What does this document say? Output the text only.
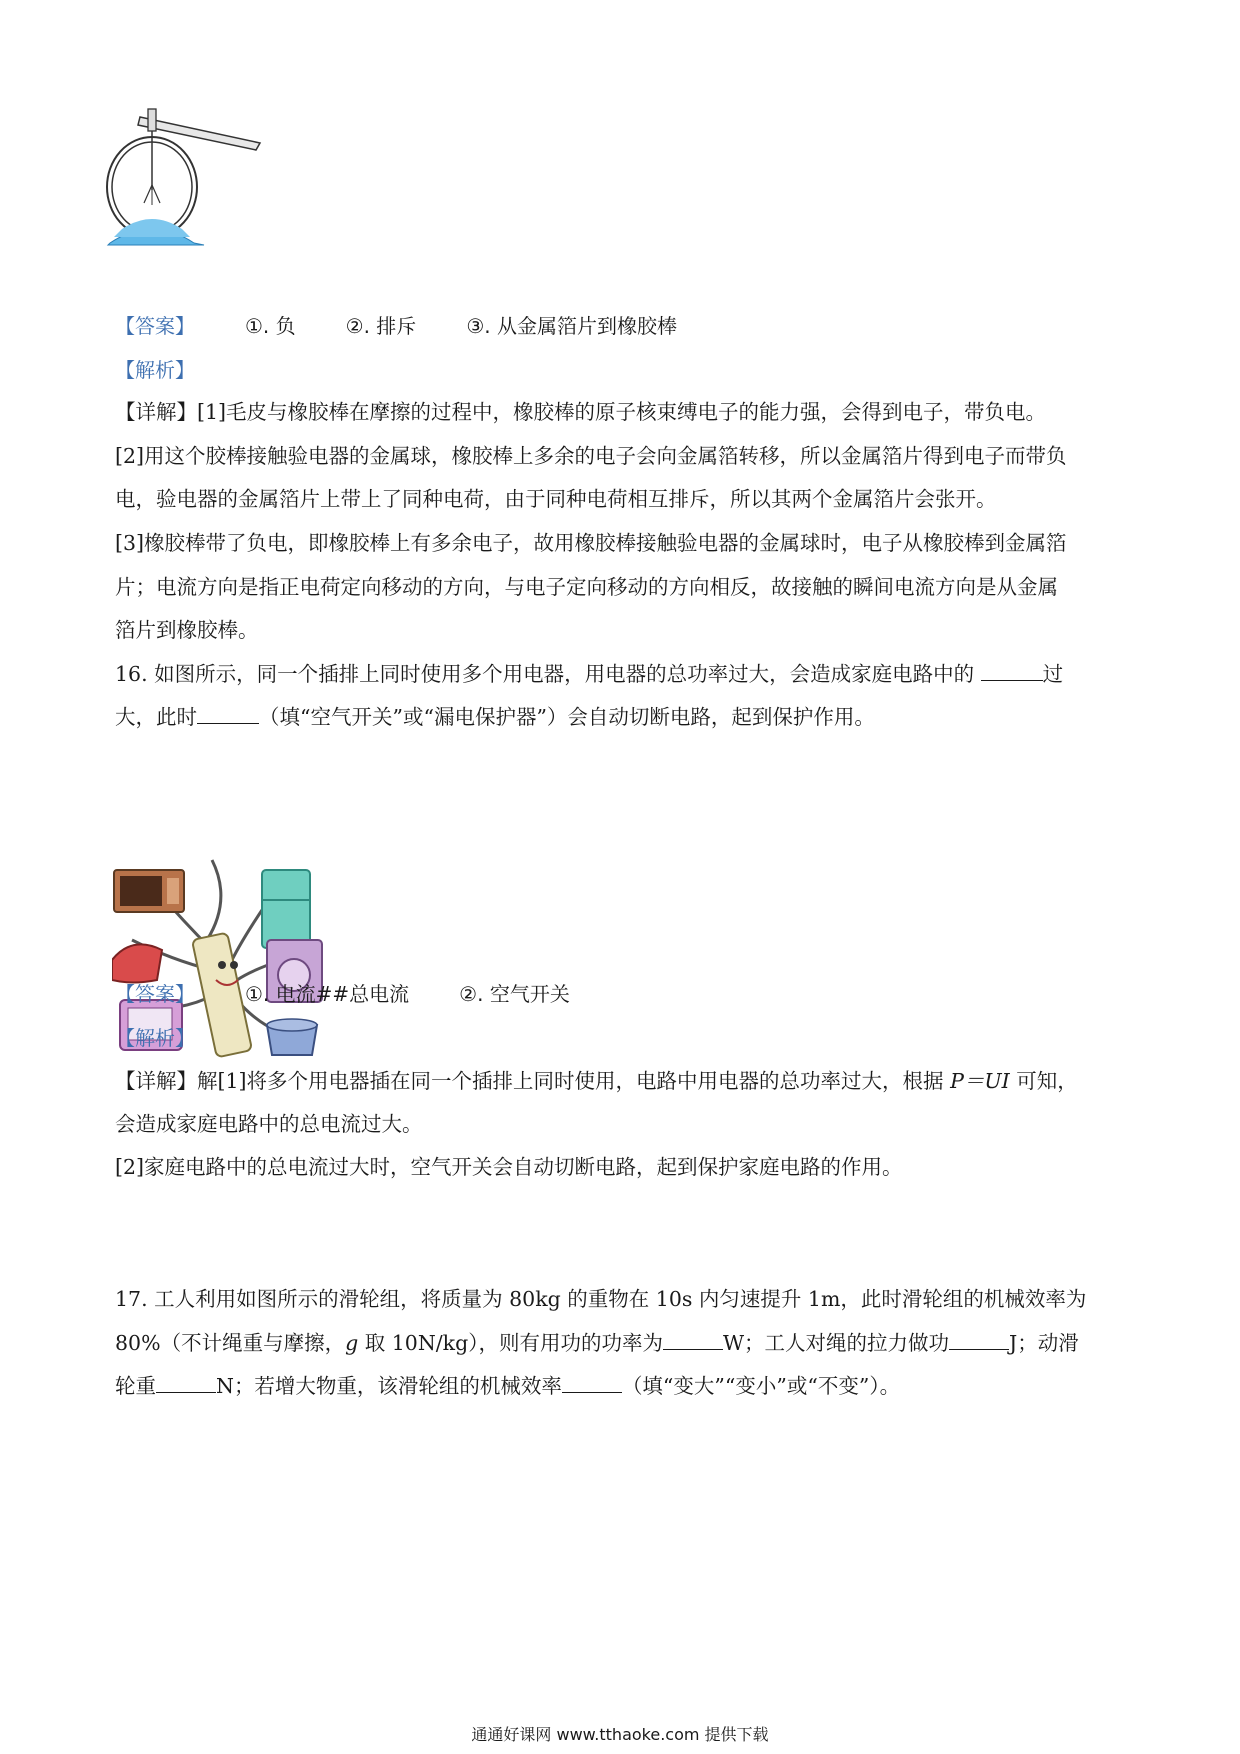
【答案】	①. 负	②. 排斥	③. 从金属箔片到橡胶棒
【解析】
【详解】[1]毛皮与橡胶棒在摩擦的过程中，橡胶棒的原子核束缚电子的能力强，会得到电子，带负电。
[2]用这个胶棒接触验电器的金属球，橡胶棒上多余的电子会向金属箔转移，所以金属箔片得到电子而带负
电，验电器的金属箔片上带上了同种电荷，由于同种电荷相互排斥，所以其两个金属箔片会张开。
[3]橡胶棒带了负电，即橡胶棒上有多余电子，故用橡胶棒接触验电器的金属球时，电子从橡胶棒到金属箔
片；电流方向是指正电荷定向移动的方向，与电子定向移动的方向相反，故接触的瞬间电流方向是从金属
箔片到橡胶棒。
16. 如图所示，同一个插排上同时使用多个用电器，用电器的总功率过大，会造成家庭电路中的	过
大，此时	（填“空气开关”或“漏电保护器”）会自动切断电路，起到保护作用。
【答案】	①. 电流##总电流	②. 空气开关
【解析】
【详解】解[1]将多个用电器插在同一个插排上同时使用，电路中用电器的总功率过大，根据 P＝UI 可知，
会造成家庭电路中的总电流过大。
[2]家庭电路中的总电流过大时，空气开关会自动切断电路，起到保护家庭电路的作用。
17. 工人利用如图所示的滑轮组，将质量为 80kg 的重物在 10s 内匀速提升 1m，此时滑轮组的机械效率为
80%（不计绳重与摩擦，g 取 10N/kg），则有用功的功率为	W；工人对绳的拉力做功	J；动滑
轮重	N；若增大物重，该滑轮组的机械效率	（填“变大”“变小”或“不变”）。
通通好课网 www.tthaoke.com 提供下载
